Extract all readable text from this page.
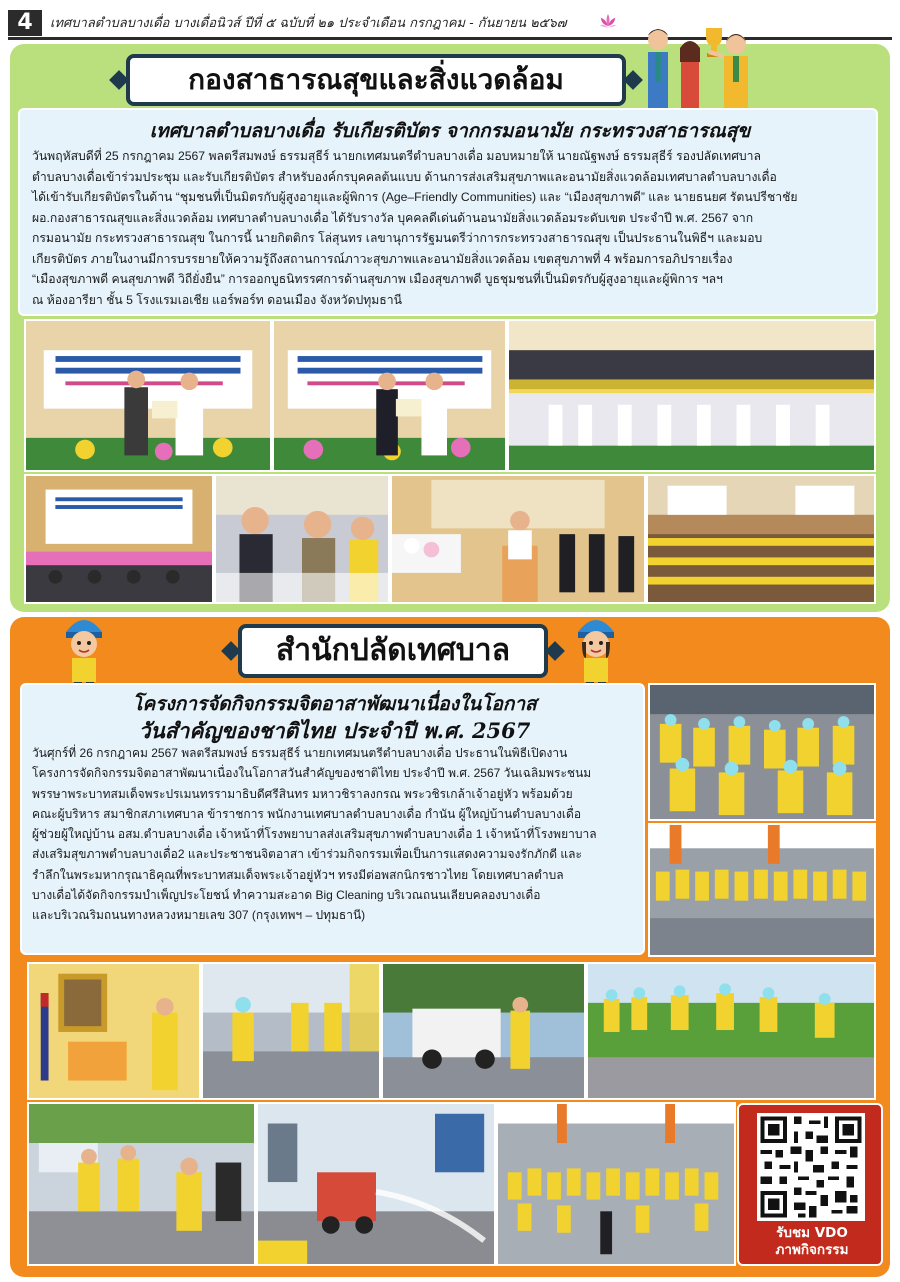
4	เทศบาลตำบลบางเดื่อ บางเดื่อนิวส์ ปีที่ ๕ ฉบับที่ ๒๑ ประจำเดือน กรกฎาคม - กันยายน ๒๕๖๗
กองสาธารณสุขและสิ่งแวดล้อม
เทศบาลตำบลบางเดื่อ รับเกียรติบัตร จากกรมอนามัย กระทรวงสาธารณสุข
วันพฤหัสบดีที่ 25 กรกฎาคม 2567 พลตรีสมพงษ์ ธรรมสุธีร์ นายกเทศมนตรีตำบลบางเดื่อ มอบหมายให้ นายณัฐพงษ์ ธรรมสุธีร์ รองปลัดเทศบาล
ตำบลบางเดื่อเข้าร่วมประชุม และรับเกียรติบัตร สำหรับองค์กรบุคคลต้นแบบ ด้านการส่งเสริมสุขภาพและอนามัยสิ่งแวดล้อมเทศบาลตำบลบางเดื่อ
ได้เข้ารับเกียรติบัตรในด้าน “ชุมชนที่เป็นมิตรกับผู้สูงอายุและผู้พิการ (Age–Friendly Communities) และ “เมืองสุขภาพดี” และ นายธนยศ รัตนปรีชาชัย
ผอ.กองสาธารณสุขและสิ่งแวดล้อม เทศบาลตำบลบางเดื่อ ได้รับรางวัล บุคคลดีเด่นด้านอนามัยสิ่งแวดล้อมระดับเขต ประจำปี พ.ศ. 2567 จาก
กรมอนามัย กระทรวงสาธารณสุข ในการนี้ นายกิตติกร โล่สุนทร เลขานุการรัฐมนตรีว่าการกระทรวงสาธารณสุข เป็นประธานในพิธีฯ และมอบ
เกียรติบัตร ภายในงานมีการบรรยายให้ความรู้ถึงสถานการณ์ภาวะสุขภาพและอนามัยสิ่งแวดล้อม เขตสุขภาพที่ 4 พร้อมการอภิปรายเรื่อง
“เมืองสุขภาพดี คนสุขภาพดี วิถียั่งยืน” การออกบูธนิทรรศการด้านสุขภาพ เมืองสุขภาพดี บูธชุมชนที่เป็นมิตรกับผู้สูงอายุและผู้พิการ ฯลฯ
ณ ห้องอารียา ชั้น 5 โรงแรมเอเชีย แอร์พอร์ท ดอนเมือง จังหวัดปทุมธานี
สำนักปลัดเทศบาล
โครงการจัดกิจกรรมจิตอาสาพัฒนาเนื่องในโอกาส
วันสำคัญของชาติไทย ประจำปี พ.ศ. 2567
วันศุกร์ที่ 26 กรกฎาคม 2567 พลตรีสมพงษ์ ธรรมสุธีร์ นายกเทศมนตรีตำบลบางเดื่อ ประธานในพิธีเปิดงาน
โครงการจัดกิจกรรมจิตอาสาพัฒนาเนื่องในโอกาสวันสำคัญของชาติไทย ประจำปี พ.ศ. 2567 วันเฉลิมพระชนม
พรรษาพระบาทสมเด็จพระปรเมนทรรามาธิบดีศรีสินทร มหาวชิราลงกรณ พระวชิรเกล้าเจ้าอยู่หัว พร้อมด้วย
คณะผู้บริหาร สมาชิกสภาเทศบาล ข้าราชการ พนักงานเทศบาลตำบลบางเดื่อ กำนัน ผู้ใหญ่บ้านตำบลบางเดื่อ
ผู้ช่วยผู้ใหญ่บ้าน อสม.ตำบลบางเดื่อ เจ้าหน้าที่โรงพยาบาลส่งเสริมสุขภาพตำบลบางเดื่อ 1 เจ้าหน้าที่โรงพยาบาล
ส่งเสริมสุขภาพตำบลบางเดื่อ2 และประชาชนจิตอาสา เข้าร่วมกิจกรรมเพื่อเป็นการแสดงความจงรักภักดี และ
รำลึกในพระมหากรุณาธิคุณที่พระบาทสมเด็จพระเจ้าอยู่หัวฯ ทรงมีต่อพสกนิกรชาวไทย โดยเทศบาลตำบล
บางเดื่อได้จัดกิจกรรมบำเพ็ญประโยชน์ ทำความสะอาด Big Cleaning บริเวณถนนเลียบคลองบางเดื่อ
และบริเวณริมถนนทางหลวงหมายเลข 307 (กรุงเทพฯ – ปทุมธานี)
รับชม VDO
ภาพกิจกรรม
